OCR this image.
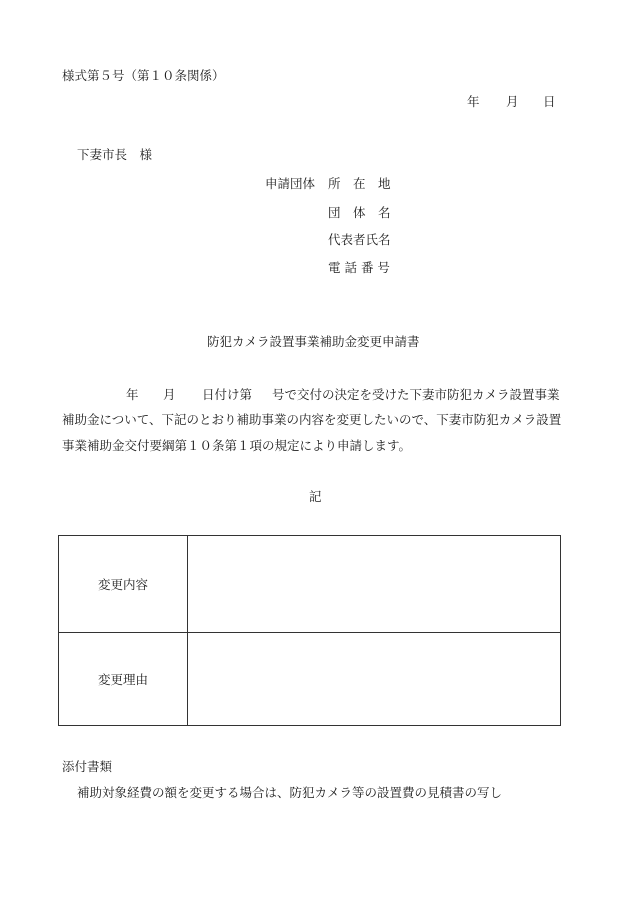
様式第５号（第１０条関係）
年 月 日
下妻市長　様
申請団体 所　在　地
団　体　名
代表者氏名
電 話 番 号
防犯カメラ設置事業補助金変更申請書
年 月 日付け第 号で交付の決定を受けた下妻市防犯カメラ設置事業
補助金について、下記のとおり補助事業の内容を変更したいので、下妻市防犯カメラ設置
事業補助金交付要綱第１０条第１項の規定により申請します。
記
変更内容
変更理由
添付書類
補助対象経費の額を変更する場合は、防犯カメラ等の設置費の見積書の写し
